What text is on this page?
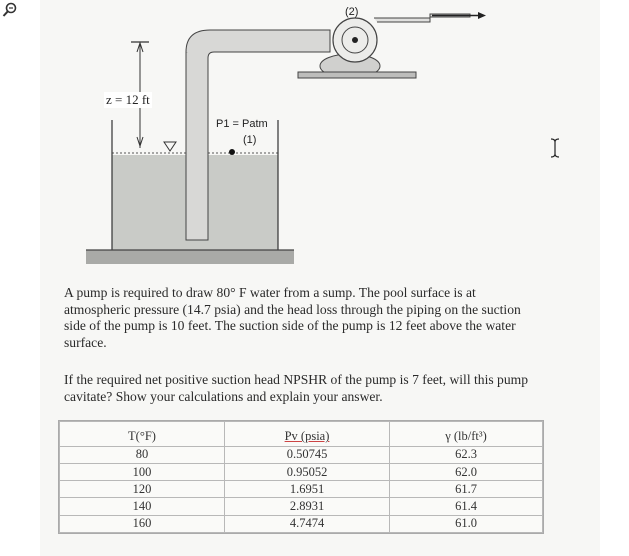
z = 12 ft
P1 = Patm
(1)
(2)

A pump is required to draw 80° F water from a sump. The pool surface is at atmospheric pressure (14.7 psia) and the head loss through the piping on the suction side of the pump is 10 feet. The suction side of the pump is 12 feet above the water surface.

If the required net positive suction head NPSHR of the pump is 7 feet, will this pump cavitate? Show your calculations and explain your answer.

T(°F)	Pv (psia)	γ (lb/ft³)
80	0.50745	62.3
100	0.95052	62.0
120	1.6951	61.7
140	2.8931	61.4
160	4.7474	61.0
